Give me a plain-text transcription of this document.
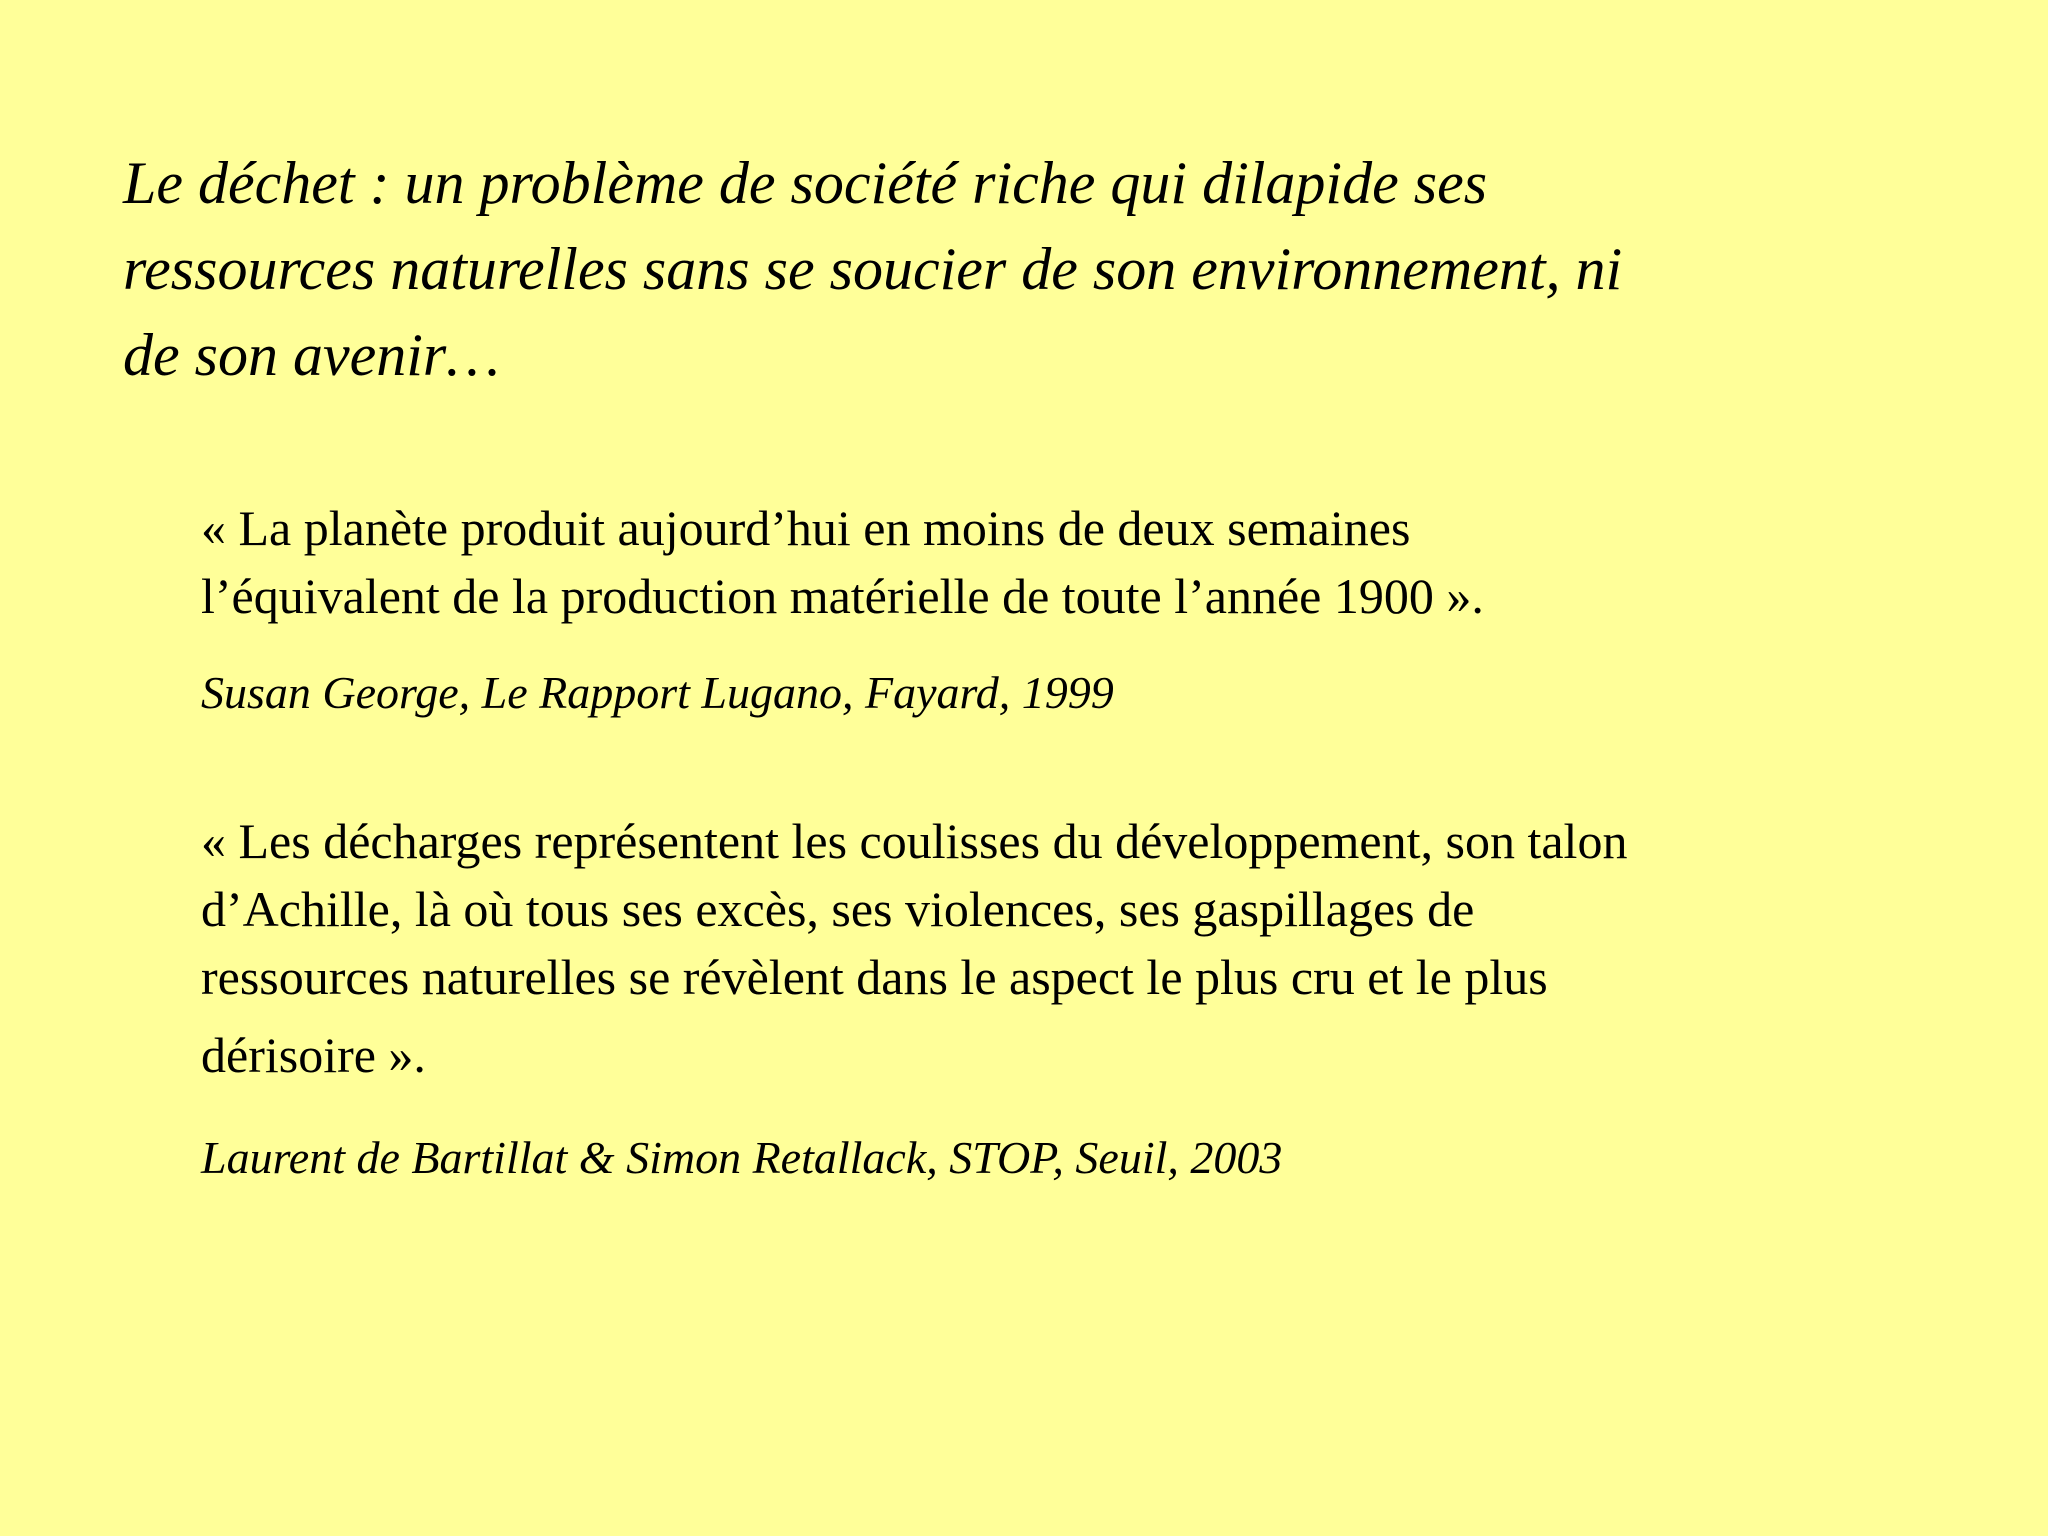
Le déchet : un problème de société riche qui dilapide ses
ressources naturelles sans se soucier de son environnement, ni
de son avenir…
« La planète produit aujourd’hui en moins de deux semaines
l’équivalent de la production matérielle de toute l’année 1900 ».
Susan George, Le Rapport Lugano, Fayard, 1999
« Les décharges représentent les coulisses du développement, son talon
d’Achille, là où tous ses excès, ses violences, ses gaspillages de
ressources naturelles se révèlent dans le aspect le plus cru et le plus
dérisoire ».
Laurent de Bartillat & Simon Retallack, STOP, Seuil, 2003
